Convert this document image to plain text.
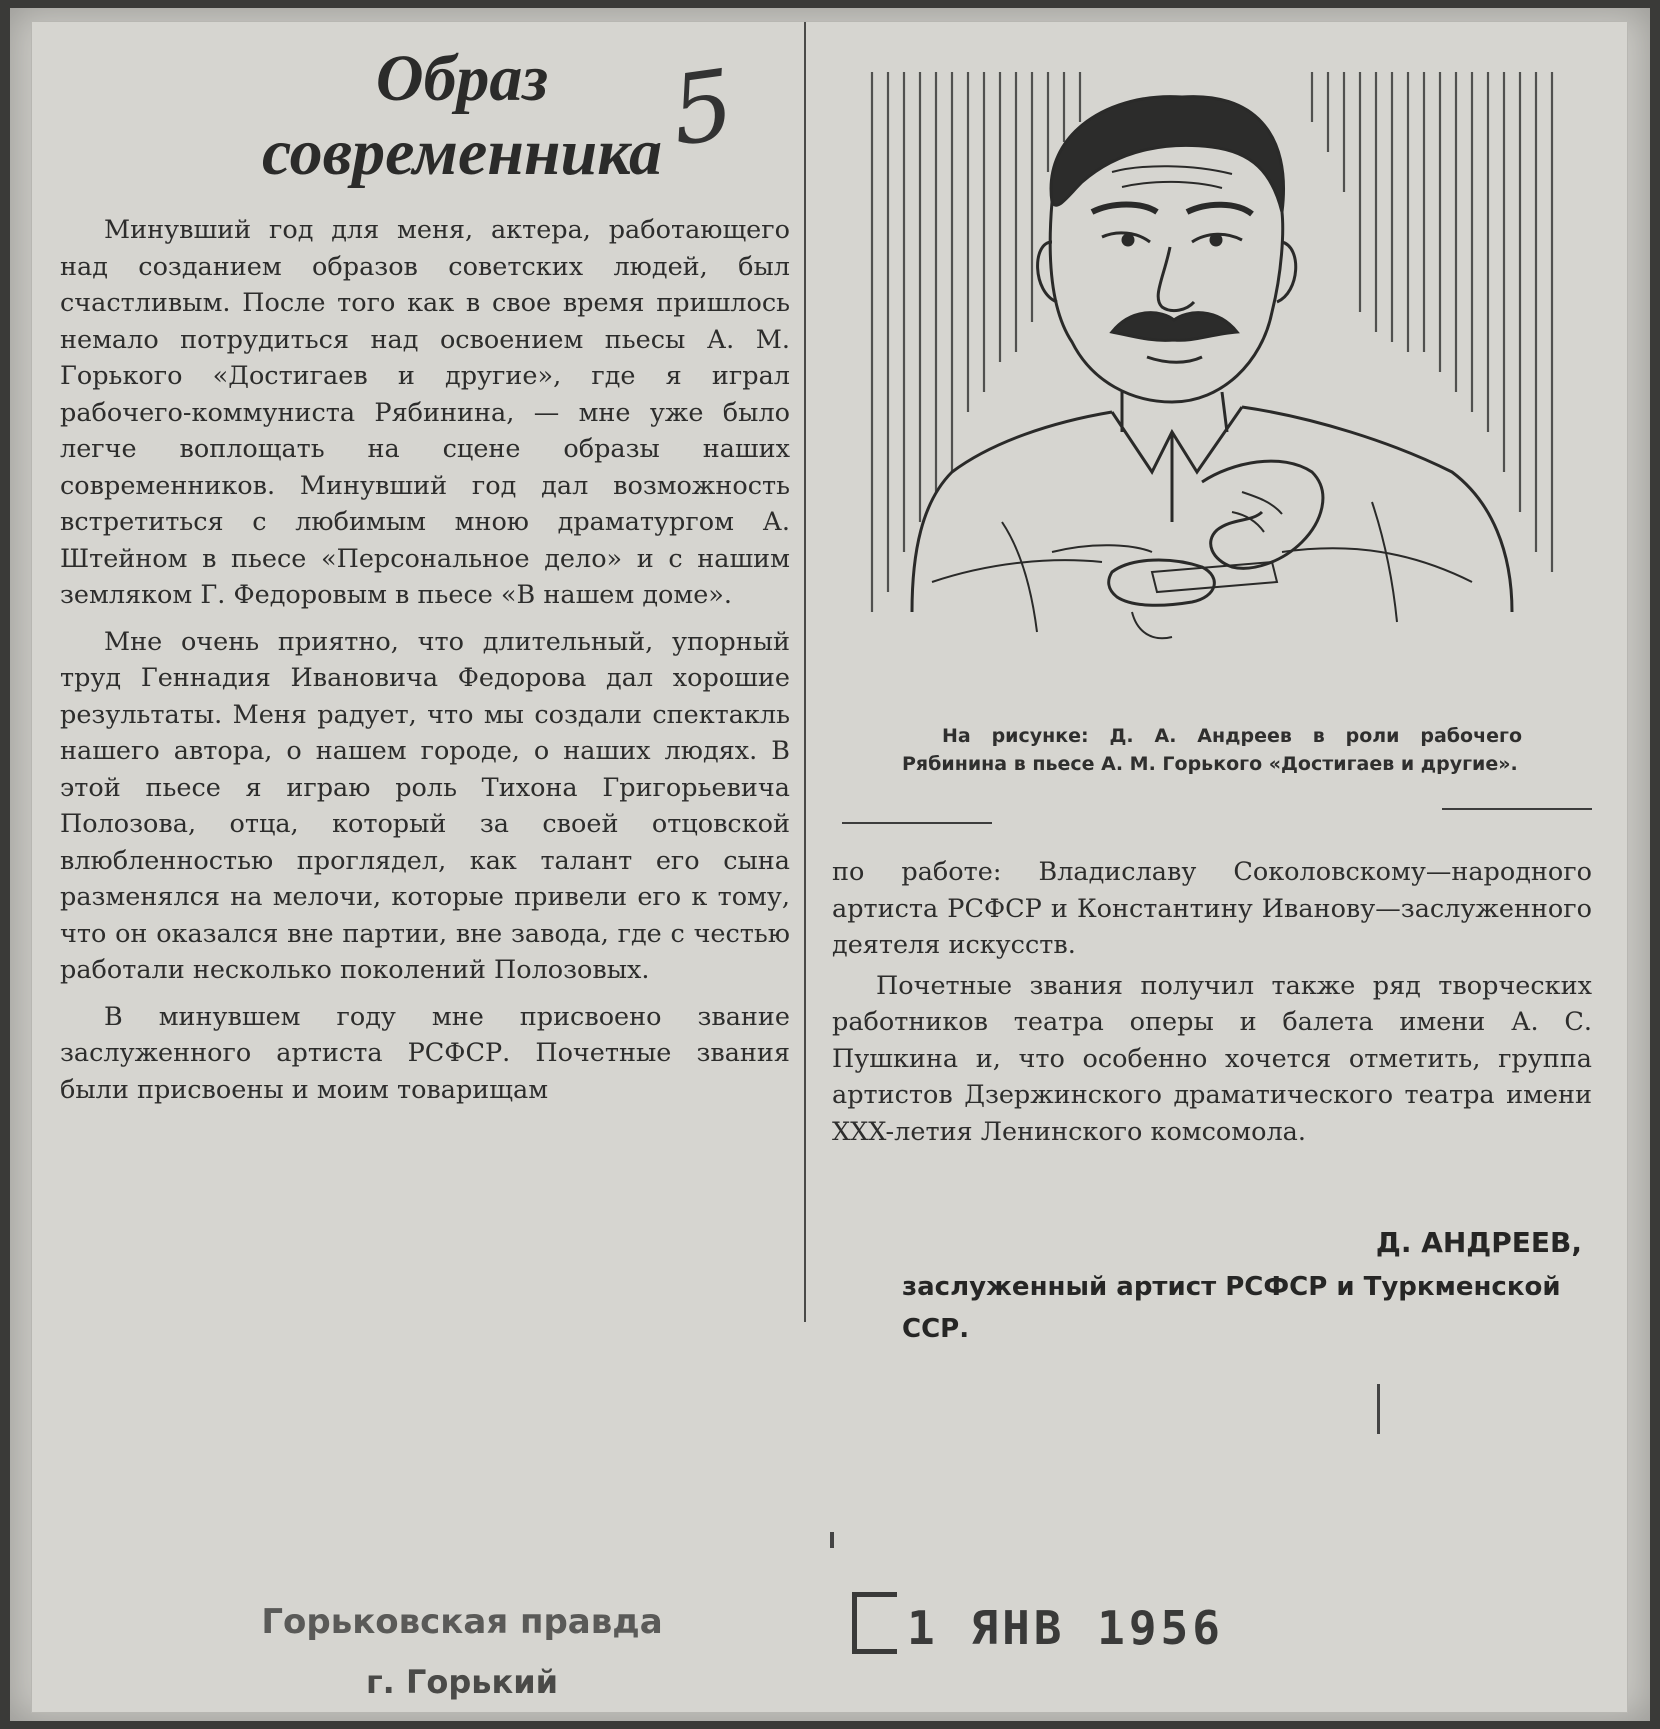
Образ
современника 5

Минувший год для меня, актера, работающего над созданием образов советских людей, был счастливым. После того как в свое время пришлось немало потрудиться над освоением пьесы А. М. Горького «Достигаев и другие», где я играл рабочего-коммуниста Рябинина, — мне уже было легче воплощать на сцене образы наших современников. Минувший год дал возможность встретиться с любимым мною драматургом А. Штейном в пьесе «Персональное дело» и с нашим земляком Г. Федоровым в пьесе «В нашем доме».

Мне очень приятно, что длительный, упорный труд Геннадия Ивановича Федорова дал хорошие результаты. Меня радует, что мы создали спектакль нашего автора, о нашем городе, о наших людях. В этой пьесе я играю роль Тихона Григорьевича Полозова, отца, который за своей отцовской влюбленностью проглядел, как талант его сына разменялся на мелочи, которые привели его к тому, что он оказался вне партии, вне завода, где с честью работали несколько поколений Полозовых.

В минувшем году мне присвоено звание заслуженного артиста РСФСР. Почетные звания были присвоены и моим товарищам

На рисунке: Д. А. Андреев в роли рабочего Рябинина в пьесе А. М. Горького «Достигаев и другие».

по работе: Владиславу Соколовскому—народного артиста РСФСР и Константину Иванову—заслуженного деятеля искусств.

Почетные звания получил также ряд творческих работников театра оперы и балета имени А. С. Пушкина и, что особенно хочется отметить, группа артистов Дзержинского драматического театра имени XXX-летия Ленинского комсомола.

Д. АНДРЕЕВ,
заслуженный артист РСФСР и Туркменской ССР.
Горьковская правда
г. Горький
1 ЯНВ 1956
